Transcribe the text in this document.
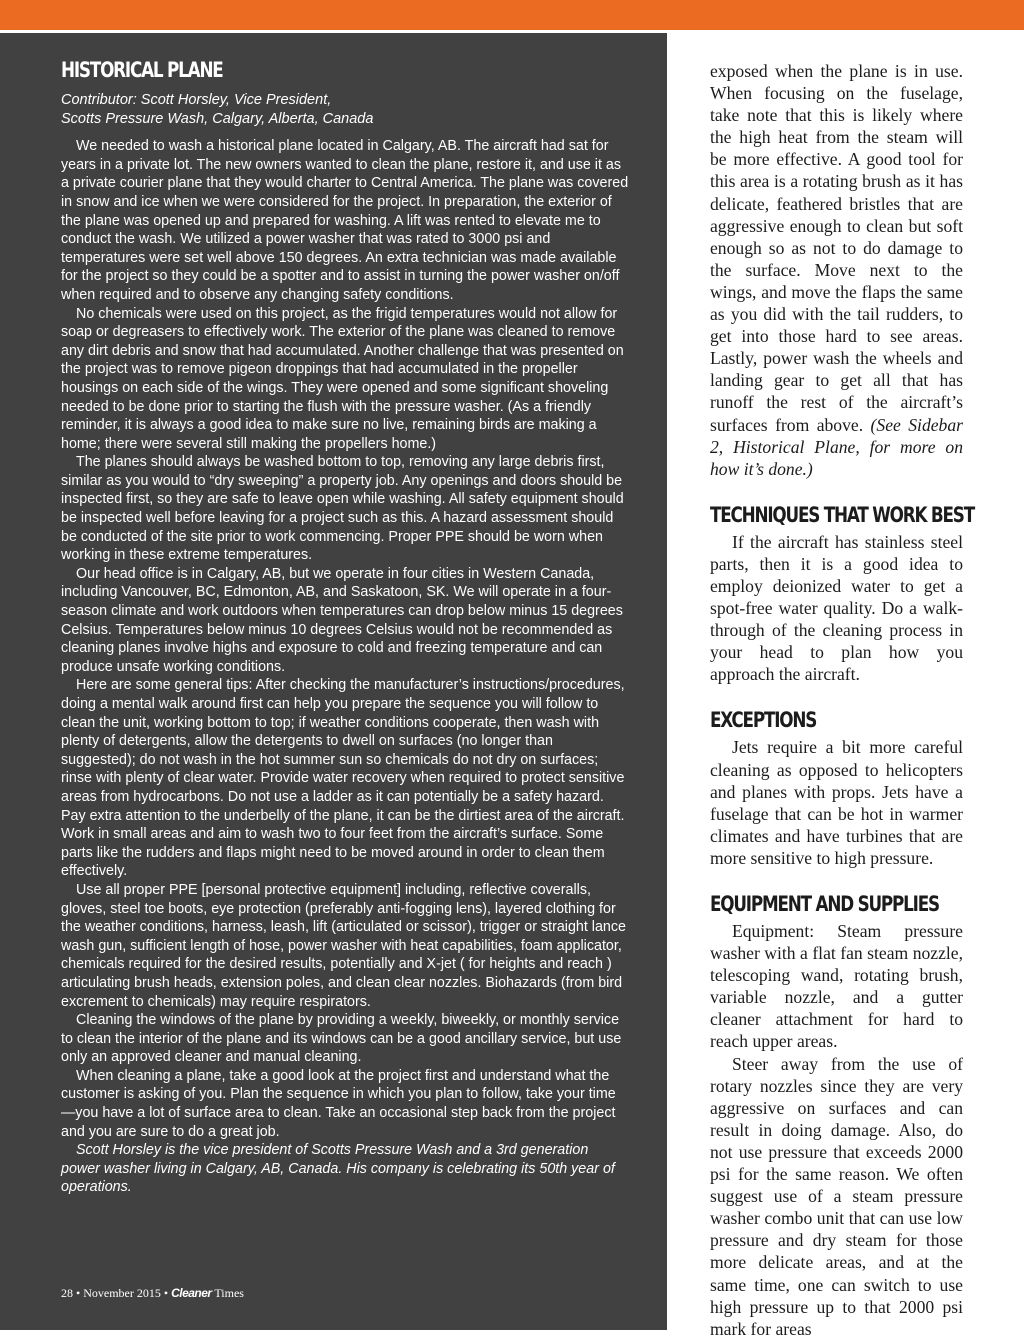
HISTORICAL PLANE
Contributor: Scott Horsley, Vice President,
Scotts Pressure Wash, Calgary, Alberta, Canada

We needed to wash a historical plane located in Calgary, AB. The aircraft had sat for years in a private lot. The new owners wanted to clean the plane, restore it, and use it as a private courier plane that they would charter to Central America. The plane was covered in snow and ice when we were considered for the project. In preparation, the exterior of the plane was opened up and prepared for washing. A lift was rented to elevate me to conduct the wash. We utilized a power washer that was rated to 3000 psi and temperatures were set well above 150 degrees. An extra technician was made available for the project so they could be a spotter and to assist in turning the power washer on/off when required and to observe any changing safety conditions.

No chemicals were used on this project, as the frigid temperatures would not allow for soap or degreasers to effectively work. The exterior of the plane was cleaned to remove any dirt debris and snow that had accumulated. Another challenge that was presented on the project was to remove pigeon droppings that had accumulated in the propeller housings on each side of the wings. They were opened and some significant shoveling needed to be done prior to starting the flush with the pressure washer. (As a friendly reminder, it is always a good idea to make sure no live, remaining birds are making a home; there were several still making the propellers home.)

The planes should always be washed bottom to top, removing any large debris first, similar as you would to “dry sweeping” a property job. Any openings and doors should be inspected first, so they are safe to leave open while washing. All safety equipment should be inspected well before leaving for a project such as this. A hazard assessment should be conducted of the site prior to work commencing. Proper PPE should be worn when working in these extreme temperatures.

Our head office is in Calgary, AB, but we operate in four cities in Western Canada, including Vancouver, BC, Edmonton, AB, and Saskatoon, SK. We will operate in a four-season climate and work outdoors when temperatures can drop below minus 15 degrees Celsius. Temperatures below minus 10 degrees Celsius would not be recommended as cleaning planes involve highs and exposure to cold and freezing temperature and can produce unsafe working conditions.

Here are some general tips: After checking the manufacturer’s instructions/procedures, doing a mental walk around first can help you prepare the sequence you will follow to clean the unit, working bottom to top; if weather conditions cooperate, then wash with plenty of detergents, allow the detergents to dwell on surfaces (no longer than suggested); do not wash in the hot summer sun so chemicals do not dry on surfaces; rinse with plenty of clear water. Provide water recovery when required to protect sensitive areas from hydrocarbons. Do not use a ladder as it can potentially be a safety hazard. Pay extra attention to the underbelly of the plane, it can be the dirtiest area of the aircraft. Work in small areas and aim to wash two to four feet from the aircraft’s surface. Some parts like the rudders and flaps might need to be moved around in order to clean them effectively.

Use all proper PPE [personal protective equipment] including, reflective coveralls, gloves, steel toe boots, eye protection (preferably anti-fogging lens), layered clothing for the weather conditions, harness, leash, lift (articulated or scissor), trigger or straight lance wash gun, sufficient length of hose, power washer with heat capabilities, foam applicator, chemicals required for the desired results, potentially and X-jet ( for heights and reach ) articulating brush heads, extension poles, and clean clear nozzles. Biohazards (from bird excrement to chemicals) may require respirators.

Cleaning the windows of the plane by providing a weekly, biweekly, or monthly service to clean the interior of the plane and its windows can be a good ancillary service, but use only an approved cleaner and manual cleaning.

When cleaning a plane, take a good look at the project first and understand what the customer is asking of you. Plan the sequence in which you plan to follow, take your time—you have a lot of surface area to clean. Take an occasional step back from the project and you are sure to do a great job.

Scott Horsley is the vice president of Scotts Pressure Wash and a 3rd generation power washer living in Calgary, AB, Canada. His company is celebrating its 50th year of operations.

28 • November 2015 • Cleaner Times

exposed when the plane is in use. When focusing on the fuselage, take note that this is likely where the high heat from the steam will be more effective. A good tool for this area is a rotating brush as it has delicate, feathered bristles that are aggressive enough to clean but soft enough so as not to do damage to the surface. Move next to the wings, and move the flaps the same as you did with the tail rudders, to get into those hard to see areas. Lastly, power wash the wheels and landing gear to get all that has runoff the rest of the aircraft’s surfaces from above. (See Sidebar 2, Historical Plane, for more on how it’s done.)

TECHNIQUES THAT WORK BEST

If the aircraft has stainless steel parts, then it is a good idea to employ deionized water to get a spot-free water quality. Do a walk-through of the cleaning process in your head to plan how you approach the aircraft.

EXCEPTIONS

Jets require a bit more careful cleaning as opposed to helicopters and planes with props. Jets have a fuselage that can be hot in warmer climates and have turbines that are more sensitive to high pressure.

EQUIPMENT AND SUPPLIES

Equipment: Steam pressure washer with a flat fan steam nozzle, telescoping wand, rotating brush, variable nozzle, and a gutter cleaner attachment for hard to reach upper areas.

Steer away from the use of rotary nozzles since they are very aggressive on surfaces and can result in doing damage. Also, do not use pressure that exceeds 2000 psi for the same reason. We often suggest use of a steam pressure washer combo unit that can use low pressure and dry steam for those more delicate areas, and at the same time, one can switch to use high pressure up to that 2000 psi mark for areas
